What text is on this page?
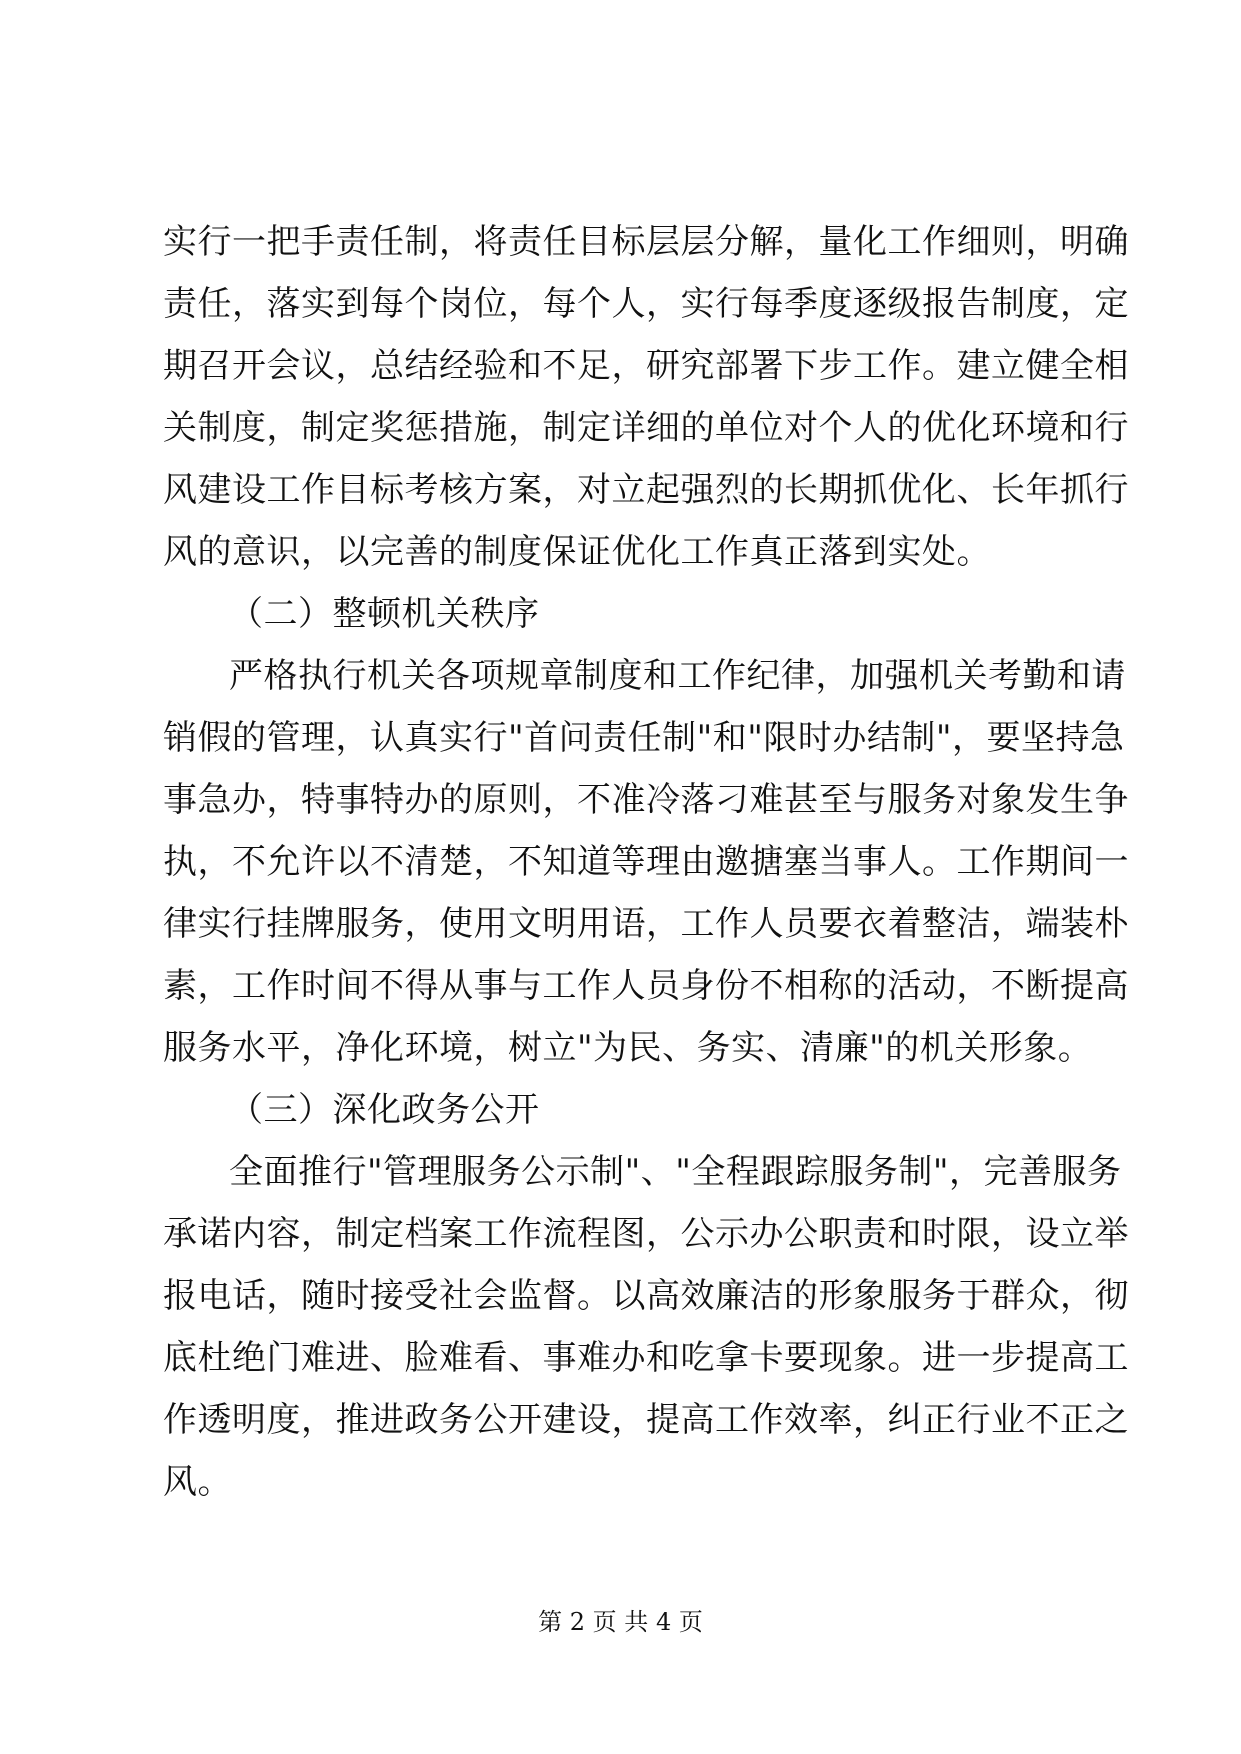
实行一把手责任制，将责任目标层层分解，量化工作细则，明确
责任，落实到每个岗位，每个人，实行每季度逐级报告制度，定
期召开会议，总结经验和不足，研究部署下步工作。建立健全相
关制度，制定奖惩措施，制定详细的单位对个人的优化环境和行
风建设工作目标考核方案，对立起强烈的长期抓优化、长年抓行
风的意识，以完善的制度保证优化工作真正落到实处。
（二）整顿机关秩序
严格执行机关各项规章制度和工作纪律，加强机关考勤和请
销假的管理，认真实行"首问责任制"和"限时办结制"，要坚持急
事急办，特事特办的原则，不准冷落刁难甚至与服务对象发生争
执，不允许以不清楚，不知道等理由邀搪塞当事人。工作期间一
律实行挂牌服务，使用文明用语，工作人员要衣着整洁，端装朴
素，工作时间不得从事与工作人员身份不相称的活动，不断提高
服务水平，净化环境，树立"为民、务实、清廉"的机关形象。
（三）深化政务公开
全面推行"管理服务公示制"、"全程跟踪服务制"，完善服务
承诺内容，制定档案工作流程图，公示办公职责和时限，设立举
报电话，随时接受社会监督。以高效廉洁的形象服务于群众，彻
底杜绝门难进、脸难看、事难办和吃拿卡要现象。进一步提高工
作透明度，推进政务公开建设，提高工作效率，纠正行业不正之
风。
第 2 页 共 4 页
